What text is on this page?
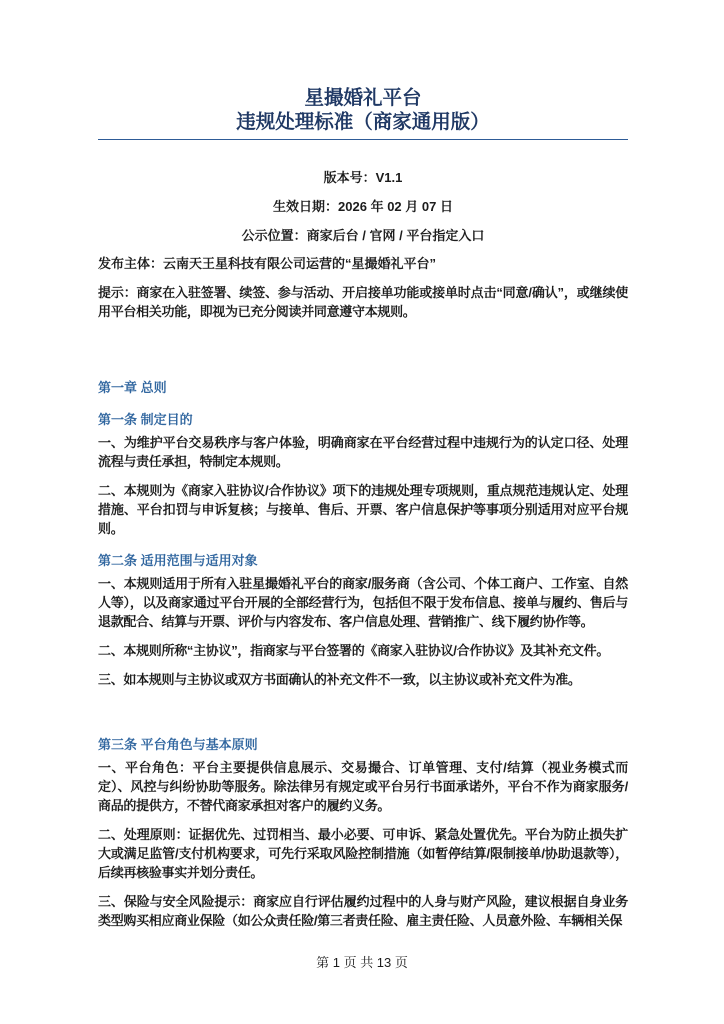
星撮婚礼平台
违规处理标准（商家通用版）

版本号：V1.1

生效日期：2026 年 02 月 07 日

公示位置：商家后台 / 官网 / 平台指定入口

发布主体：云南天王星科技有限公司运营的“星撮婚礼平台”

提示：商家在入驻签署、续签、参与活动、开启接单功能或接单时点击“同意/确认”，或继续使用平台相关功能，即视为已充分阅读并同意遵守本规则。

第一章 总则
第一条 制定目的

一、为维护平台交易秩序与客户体验，明确商家在平台经营过程中违规行为的认定口径、处理流程与责任承担，特制定本规则。

二、本规则为《商家入驻协议/合作协议》项下的违规处理专项规则，重点规范违规认定、处理措施、平台扣罚与申诉复核；与接单、售后、开票、客户信息保护等事项分别适用对应平台规则。

第二条 适用范围与适用对象

一、本规则适用于所有入驻星撮婚礼平台的商家/服务商（含公司、个体工商户、工作室、自然人等），以及商家通过平台开展的全部经营行为，包括但不限于发布信息、接单与履约、售后与退款配合、结算与开票、评价与内容发布、客户信息处理、营销推广、线下履约协作等。

二、本规则所称“主协议”，指商家与平台签署的《商家入驻协议/合作协议》及其补充文件。

三、如本规则与主协议或双方书面确认的补充文件不一致，以主协议或补充文件为准。

第三条 平台角色与基本原则

一、平台角色：平台主要提供信息展示、交易撮合、订单管理、支付/结算（视业务模式而定）、风控与纠纷协助等服务。除法律另有规定或平台另行书面承诺外，平台不作为商家服务/商品的提供方，不替代商家承担对客户的履约义务。

二、处理原则：证据优先、过罚相当、最小必要、可申诉、紧急处置优先。平台为防止损失扩大或满足监管/支付机构要求，可先行采取风险控制措施（如暂停结算/限制接单/协助退款等），后续再核验事实并划分责任。

三、保险与安全风险提示：商家应自行评估履约过程中的人身与财产风险，建议根据自身业务类型购买相应商业保险（如公众责任险/第三者责任险、雇主责任险、人员意外险、车辆相关保

第 1 页 共 13 页
